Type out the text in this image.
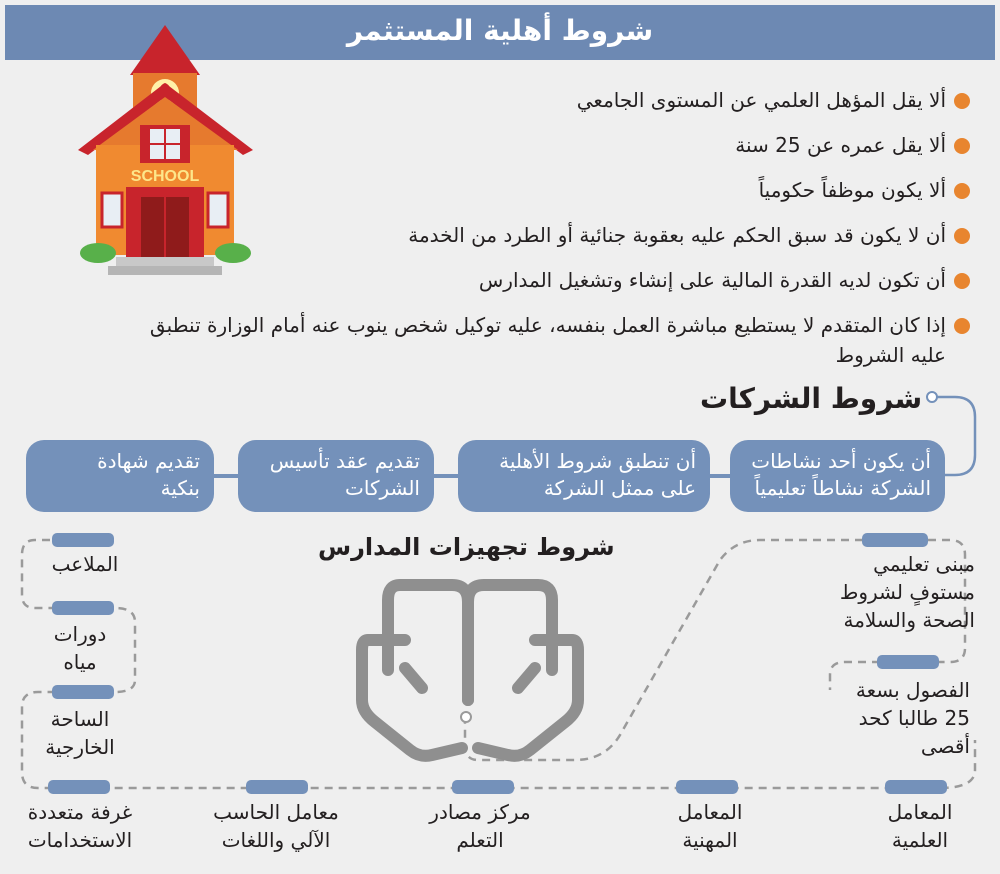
شروط أهلية المستثمر
SCHOOL
ألا يقل المؤهل العلمي عن المستوى الجامعي
ألا يقل عمره عن 25 سنة
ألا يكون موظفاً حكومياً
أن لا يكون قد سبق الحكم عليه بعقوبة جنائية أو الطرد من الخدمة
أن تكون لديه القدرة المالية على إنشاء وتشغيل المدارس
إذا كان المتقدم لا يستطيع مباشرة العمل بنفسه، عليه توكيل شخص ينوب عنه أمام الوزارة تنطبق
عليه الشروط
شروط الشركات
أن يكون أحد نشاطات
الشركة نشاطاً تعليمياً
أن تنطبق شروط الأهلية
على ممثل الشركة
تقديم عقد تأسيس
الشركات
تقديم شهادة
بنكية
شروط تجهيزات المدارس
الملاعب
دورات
مياه
الساحة
الخارجية
مبنى تعليمي
مستوفٍ لشروط
الصحة والسلامة
الفصول بسعة
25 طالبا كحد
أقصى
غرفة متعددة
الاستخدامات
معامل الحاسب
الآلي واللغات
مركز مصادر
التعلم
المعامل
المهنية
المعامل
العلمية
